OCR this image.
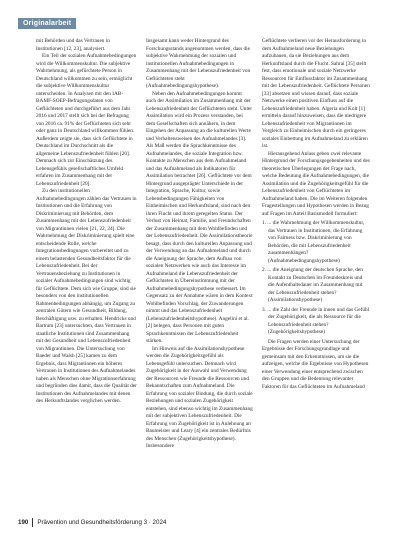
Originalarbeit

mit Behörden und das Vertrauen in Institutionen [12, 23], analysiert.

Ein Teil der sozialen Aufnahmebedingungen wird die Willkommenskultur. Die subjektive Wahrnehmung, als gefürchtete Person in Deutschland willkommen zu sein, ermöglicht die subjektive Willkommenskultur unterscheiden. In Analysen mit den IAB-BAMF-SOEP-Befragungsdaten von Geflüchteten und durchgeführt aus dem Jahr 2016 und 2017 stellt sich bei der Befragung von 2016 ca. 91% der Geflüchteten sich sehr oder ganz in Deutschland willkommen fühlen. Außerdem zeigte sie, dass sich Geflüchtete in Deutschland im Durchschnitt als die allgemeine Lebenszufriedenheit fühlen [20]. Demnach sich zur Einschätzung des Lebensgefühls gesellschaftliches Umfeld erfahren im Zusammenhang mit der Lebenszufriedenheit [20].

Zu den institutionellen Aufnahmebedingungen zählen das Vertrauen in Institutionen und die Erfahrung von Diskriminierung mit Behörden, dem Zusammenhang mit der Lebenszufriedenheit von Migrantinnen vielen [21, 22, 24]. Die Wahrnehmung der Diskriminierung spielt eine entscheidende Rolle, welche Integrationsbedingungen vorbereitet und zu einem belastenden Gesundheitsfaktor für die Lebenszufriedenheit. Bei der Vertrauensbeziehung zu Institutionen in sozialer Aufnahmebedingungen sind wichtig für Geflüchtete. Dem sich wie Gruppe, sind sie besonders von den institutionellen Rahmenbedingungen abhängig, um Zugang zu zentralen Gütern wie Gesundheit, Bildung, Beschäftigung usw. zu erhalten. Hendricks und Bartram [23] untersuchten, dass Vertrauen in staatliche Institutionen sind Zusammenhang mit der Gesundheit und Lebenszufriedenheit von Migrantinnen. Die Untersuchung von Baeder und Walsh [25] kamen zu dem Ergebnis, dass Migrantinnen ein höheres Vertrauen in Institutionen des Aufnahmelandes haben als Menschen ohne Migrationserfahrung und begründen dies damit, dass die Qualität der Institutionen des Aufnahmelandes mit denen des Herkunftslandes verglichen werden.

Insgesamt kann weder Hintergrund des Forschungsstands angenommen werden, dass die subjektive Wahrnehmung der sozialen und institutionellen Aufnahmebedingungen in Zusammenhang mit der Lebenszufriedenheit von Geflüchteten steht (Aufnahmebedingungshypothese).

Neben den Aufnahmebedingungen kommt auch der Assimilation im Zusammenhang mit der Lebenszufriedenheit der Geflüchteten steht. Unter Assimilation wird ein Prozess verstanden, bei dem Gesellschaften sich annähern, in dem Eingehen der Anpassung an die kulturellen Werte und Verhaltensweisen des Aufnahmelandes [3]. Als Maß werden die Sprachkenntnisse des Aufnahmelandes, die soziale Integration bzw. Kontakte zu Menschen aus dem Aufnahmeland und das Aufnahmeland als Indikatoren für Assimilation betrachtet [26]. Geflüchtete vor dem Hintergrund ausgeprägter Unterschiede in der Integration, Sprache, Kultur, sowie Lebensbedingungen Fähigkeiten von Einheimischen und Herkunftsland, sind nach den ihren Flucht und ihrem geregelten Status. Der Verlust von Heimat, Familie, und Freundschaften der Zusammenhang mit dem Wohlbefinden und der Lebenszufriedenheit. Die Assimilationstheorie besagt, dass durch den kulturellen Anpassung und der Verwendung an das Aufnahmeland und durch die Aneignung der Sprache, dem Aufbau von sozialen Netzwerken wie auch das Interesse im Aufnahmeland die Lebenszufriedenheit der Geflüchteten in Übereinstimmung mit der Aufnahmebedingungshypothese verbessert. Im Gegensatz zu der Annahme wären in dem Kontext Wohlbefinden Vorschlag, der Zuwanderungen nimmt und das Lebenszufriedenheit (Lebenszufriedenheitshypothese). Angelini et al. [2] belegen, dass Personen mit guten Sprachkenntnissen der Lebenszufriedenheit stärken.

Im Hinweis auf die Assimilationshypothese werden die Zugehörigkeitsgefühl als Lebensgefühl untersuchen. Demnach wird Zugehörigkeit in der Auswahl und Verwendung der Ressourcen wie Freunde die Ressourcen und Bekanntschaften zum Aufnahmeland. Die Erfahrung von sozialer Bindung, die durch soziale Beziehungen und sozialen Zugehörigkeit entstehen, sind ebenso wichtig im Zusammenhang mit der subjektiven Lebenszufriedenheit. Die Erfahrung von Zugehörigkeit ist in Anlehnung an Baumeister und Leary [4] ein zentrales Bedürfnis des Menschen (Zugehörigkeitshypothese). Insbesondere

Geflüchtete verlieren vor der Herausforderung in dem Aufnahmeland neue Beziehungen aufzubauen, da sie Beziehungen aus dem Herkunftsland durch die Flucht. Sahrai [35] stellt fest, dass emotionale und soziale Netzwerke Ressourcen für Einflussfaktor im Zusammenhang mit der Lebenszufriedenheit. Geflüchtete Personen [33] absetzen und wissen darauf, dass soziale Netzwerke einen positiven Einfluss auf die Lebenszufriedenheit haben. Algeria und Kolt [1] ermitteln darauf hinzuweisen, dass die niedrigere Lebenszufriedenheit von Migrantinnen im Vergleich zu Einheimischen durch ein geringeres soziales Einbettung im Aufnahmeland zu erklären ist.

Hierausgehend Anlass geben zwei relevante Hintergrund der Forschungsgegebenheiten und des theoretischen Überlegungen der Frage nach, welche Bedeutung die Aufnahmebedingungen, die Assimilation und die Zugehörigkeitsgefühl für die Lebenszufriedenheit von Geflüchteten im Aufnahmeland haben. Die im Weiteren folgenden Fragestellungen und Hypothesen werden in Bezug auf Fragen im Anteil Basismodell formuliert:

1. ... die Wahrnehmung der Willkommenskultur, das Vertrauen in Institutionen, die Erfahrung von Fairness bzw. Diskriminierung von Behörden, die mit Lebenszufriedenheit zusammenhängen? (Aufnahmebedingungshypothese)

2. ... die Aneignung der deutschen Sprache, den Kontakt zu Deutschen im Freundeskreis und die Aufenthaltsdauer im Zusammenhang mit der Lebenszufriedenheit stehen? (Assimilationshypothese)

3. ... die Zahl der Freunde in innen und das Gefühl der Zugehörigkeit, die als Ressource für die Lebenszufriedenheit stehen? (Zugehörigkeitshypothese)

Die Fragen werden einer Untersuchung der Ergebnisse der Forschungsgrundlage und gemeinsam mit den Erkenntnissen, um sie die aufzeigen, welche die Ergebnisse von Hypothesen einer Verwendung einer entsprechend zwischen den Gruppen und die Bedeutung relevanter Faktoren für das Geflüchteten im Aufnahmeland

190 Prävention und Gesundheitsförderung 3 · 2024
